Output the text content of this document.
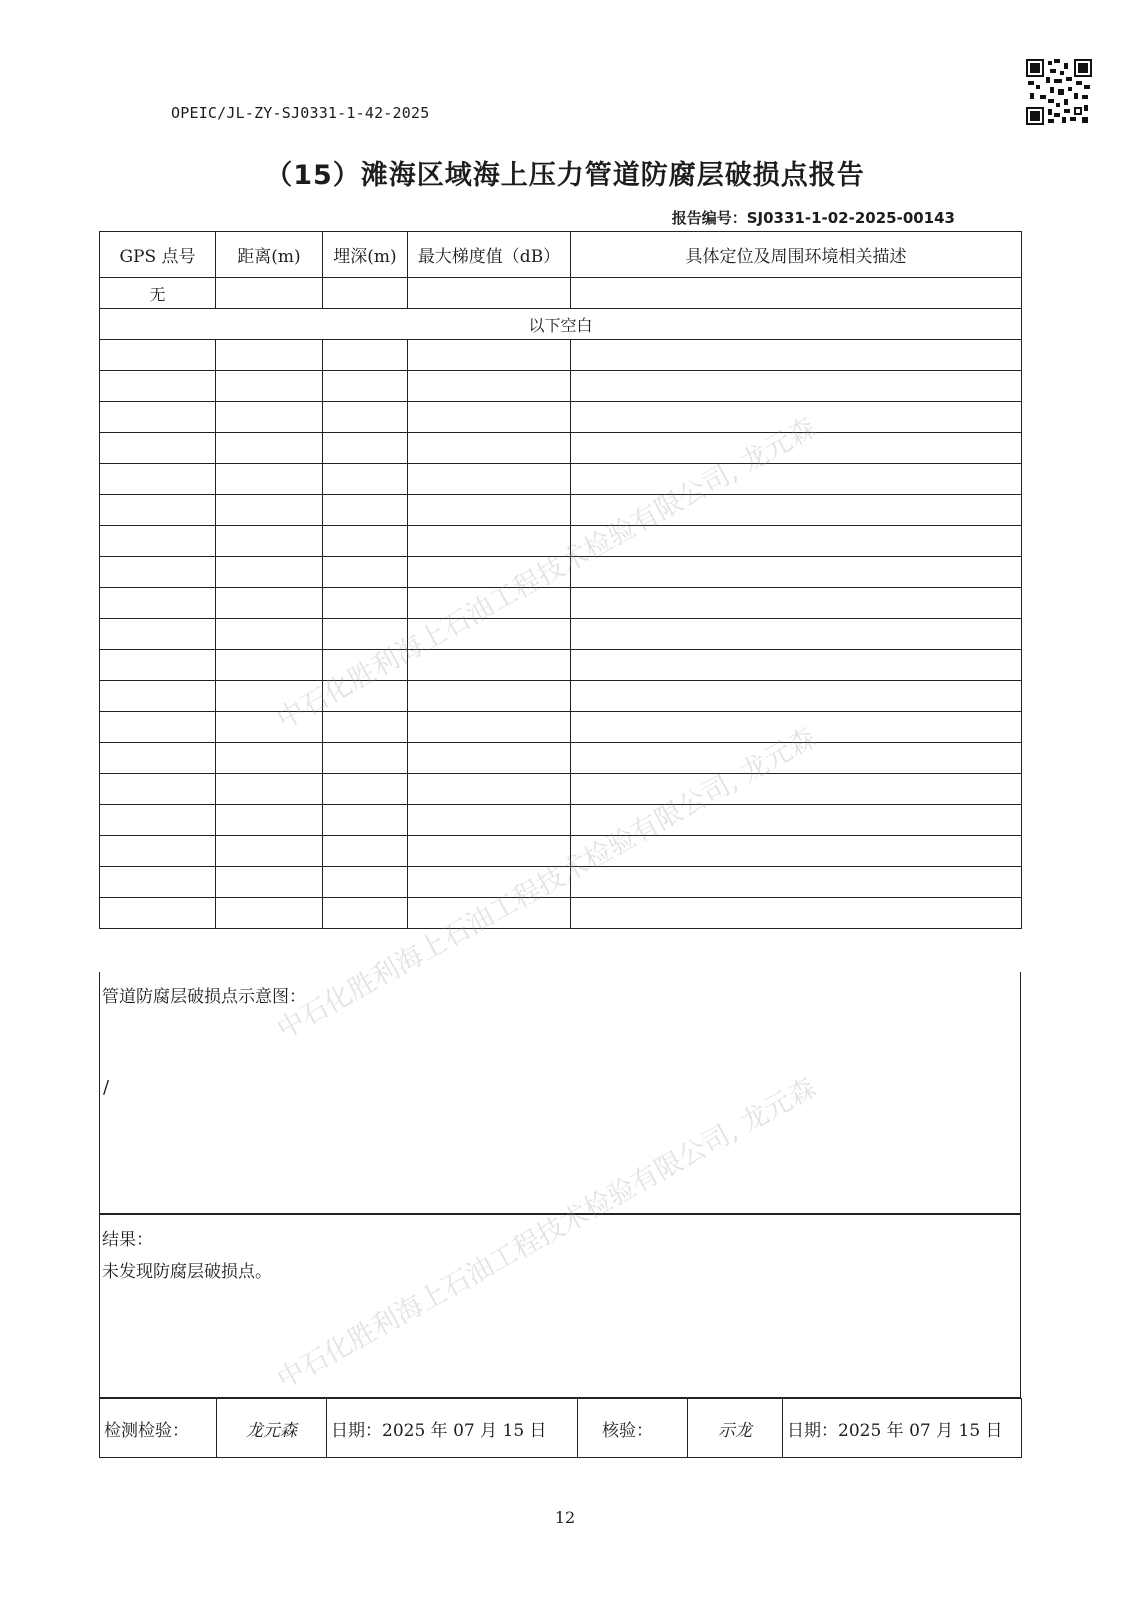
OPEIC/JL-ZY-SJ0331-1-42-2025
（15）滩海区域海上压力管道防腐层破损点报告
报告编号：SJ0331-1-02-2025-00143
GPS 点号	距离(m)	埋深(m)	最大梯度值（dB）	具体定位及周围环境相关描述
无				
以下空白				

管道防腐层破损点示意图：
/
结果：
未发现防腐层破损点。
检测检验：	龙元森	日期：2025 年 07 月 15 日	核验：	示龙	日期：2025 年 07 月 15 日
12
中石化胜利海上石油工程技术检验有限公司, 龙元森
中石化胜利海上石油工程技术检验有限公司, 龙元森
中石化胜利海上石油工程技术检验有限公司, 龙元森
